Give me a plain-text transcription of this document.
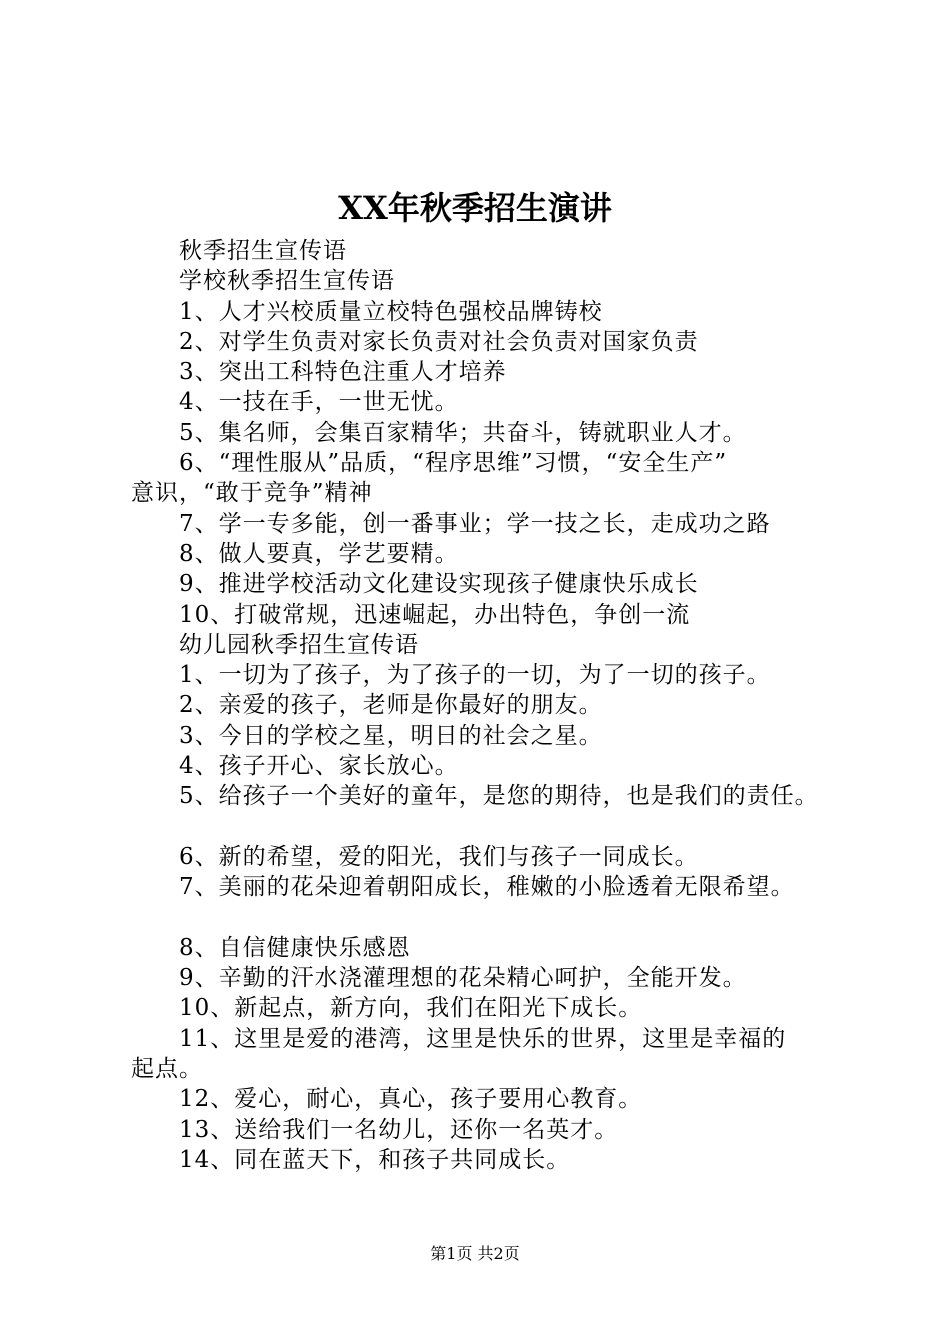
XX年秋季招生演讲
秋季招生宣传语
学校秋季招生宣传语
1、人才兴校质量立校特色强校品牌铸校
2、对学生负责对家长负责对社会负责对国家负责
3、突出工科特色注重人才培养
4、一技在手，一世无忧。
5、集名师，会集百家精华；共奋斗，铸就职业人才。
6、“理性服从”品质，“程序思维”习惯，“安全生产”
意识，“敢于竞争”精神
7、学一专多能，创一番事业；学一技之长，走成功之路
8、做人要真，学艺要精。
9、推进学校活动文化建设实现孩子健康快乐成长
10、打破常规，迅速崛起，办出特色，争创一流
幼儿园秋季招生宣传语
1、一切为了孩子，为了孩子的一切，为了一切的孩子。
2、亲爱的孩子，老师是你最好的朋友。
3、今日的学校之星，明日的社会之星。
4、孩子开心、家长放心。
5、给孩子一个美好的童年，是您的期待，也是我们的责任。
6、新的希望，爱的阳光，我们与孩子一同成长。
7、美丽的花朵迎着朝阳成长，稚嫩的小脸透着无限希望。
8、自信健康快乐感恩
9、辛勤的汗水浇灌理想的花朵精心呵护，全能开发。
10、新起点，新方向，我们在阳光下成长。
11、这里是爱的港湾，这里是快乐的世界，这里是幸福的
起点。
12、爱心，耐心，真心，孩子要用心教育。
13、送给我们一名幼儿，还你一名英才。
14、同在蓝天下，和孩子共同成长。
第1页 共2页
